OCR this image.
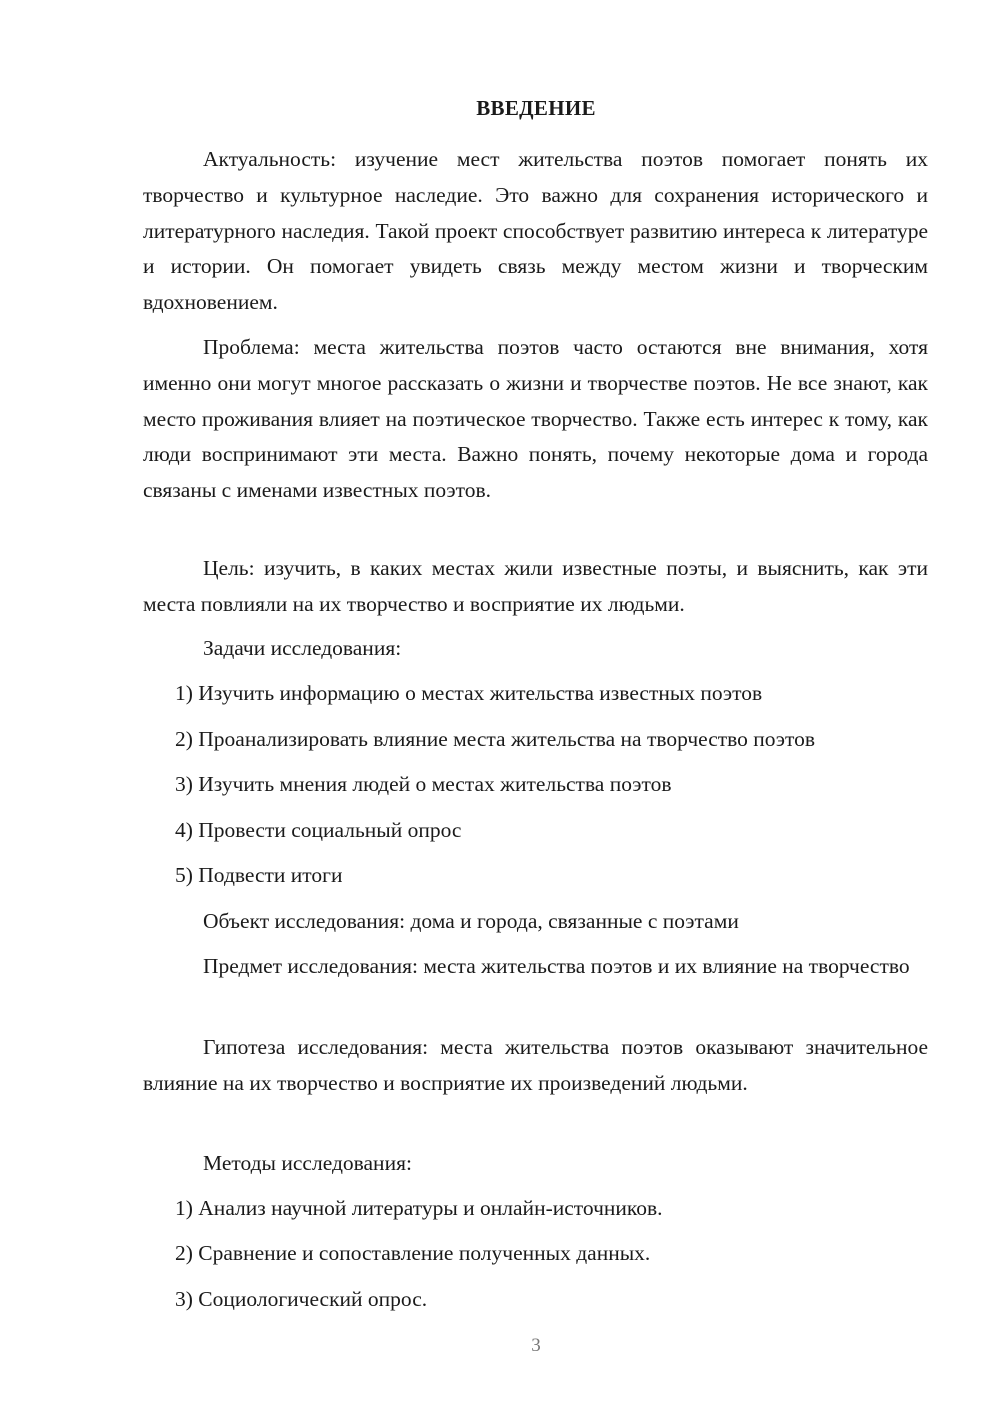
ВВЕДЕНИЕ

Актуальность: изучение мест жительства поэтов помогает понять их творчество и культурное наследие. Это важно для сохранения исторического и литературного наследия. Такой проект способствует развитию интереса к литературе и истории. Он помогает увидеть связь между местом жизни и творческим вдохновением.

Проблема: места жительства поэтов часто остаются вне внимания, хотя именно они могут многое рассказать о жизни и творчестве поэтов. Не все знают, как место проживания влияет на поэтическое творчество. Также есть интерес к тому, как люди воспринимают эти места. Важно понять, почему некоторые дома и города связаны с именами известных поэтов.

Цель: изучить, в каких местах жили известные поэты, и выяснить, как эти места повлияли на их творчество и восприятие их людьми.

Задачи исследования:

1) Изучить информацию о местах жительства известных поэтов

2) Проанализировать влияние места жительства на творчество поэтов

3) Изучить мнения людей о местах жительства поэтов

4) Провести социальный опрос

5) Подвести итоги

Объект исследования: дома и города, связанные с поэтами

Предмет исследования: места жительства поэтов и их влияние на творчество

Гипотеза исследования: места жительства поэтов оказывают значительное влияние на их творчество и восприятие их произведений людьми.

Методы исследования:

1) Анализ научной литературы и онлайн-источников.

2) Сравнение и сопоставление полученных данных.

3) Социологический опрос.

3
